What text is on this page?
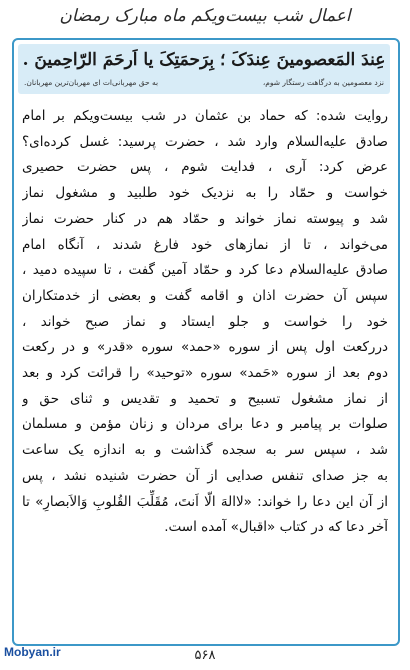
اعمال شب بیست‌ویکم ماه مبارک رمضان
عِندَ المَعصومینَ عِندَکَ ؛ بِرَحمَتِکَ یا اَرحَمَ الرّاحِمینَ .
نزد معصومین به درگاهت رستگار شوم،
به حق مهربانی‌ات ای مهربان‌ترین مهربانان.
روایت شده: که حماد بن عثمان در شب بیست‌ویکم بر امام
صادق علیه‌السلام وارد شد ، حضرت پرسید: غسل کرده‌ای؟
عرض کرد: آری ، فدایت شوم ، پس حضرت حصیری
خواست و حمّاد را به نزدیک خود طلبید و مشغول نماز
شد و پیوسته نماز خواند و حمّاد هم در کنار حضرت نماز
می‌خواند ، تا از نمازهای خود فارغ شدند ، آنگاه امام
صادق علیه‌السلام دعا کرد و حمّاد آمین گفت ، تا سپیده دمید ،
سپس آن حضرت اذان و اقامه گفت و بعضی از خدمتکاران
خود را خواست و جلو ایستاد و نماز صبح خواند ،
دررکعت اول پس از سوره «حمد» سوره «قدر» و در رکعت
دوم بعد از سوره «حَمد» سوره «توحید» را قرائت کرد و بعد
از نماز مشغول تسبیح و تحمید و تقدیس و ثنای حق و
صلوات بر پیامبر و دعا برای مردان و زنان مؤمن و مسلمان
شد ، سپس سر به سجده گذاشت و به اندازه یک ساعت
به جز صدای تنفس صدایی از آن حضرت شنیده نشد ، پس
از آن این دعا را خواند: «لاالهَ الّا اَنتَ، مُقَلِّبَ القُلوبِ وَالاَبصارِ» تا
آخر دعا که در کتاب «اقبال» آمده است.
Mobyan.ir	۵۶۸
